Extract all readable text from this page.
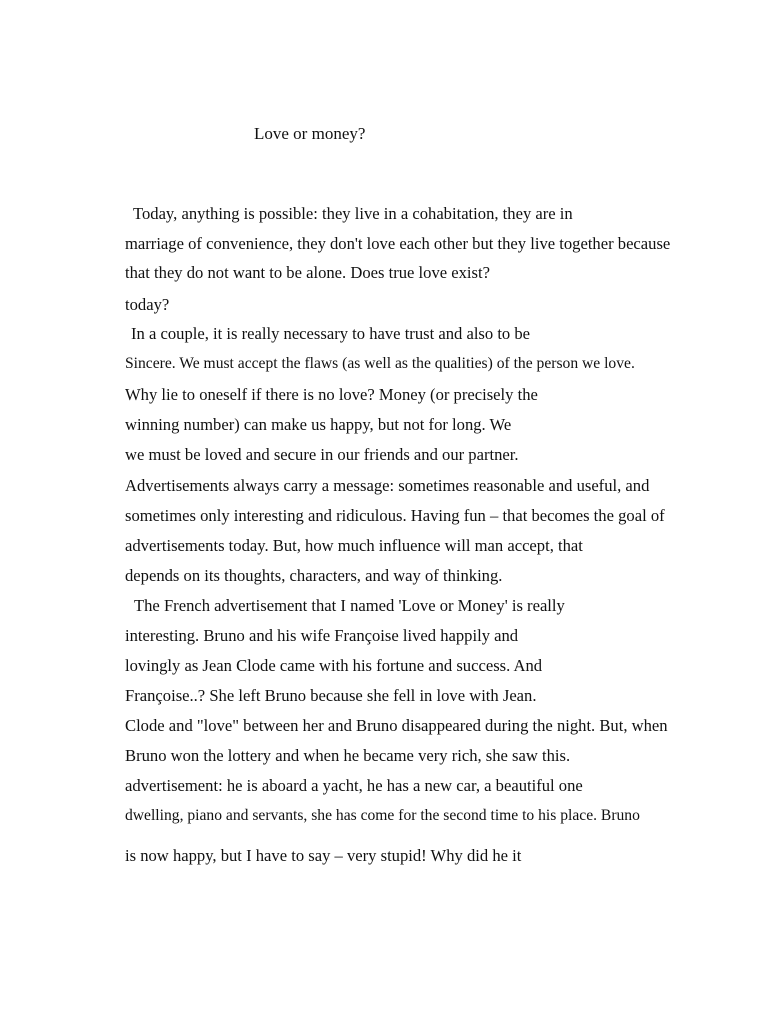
Love or money?
Today, anything is possible: they live in a cohabitation, they are in
marriage of convenience, they don't love each other but they live together because
that they do not want to be alone. Does true love exist?
today?
In a couple, it is really necessary to have trust and also to be
Sincere. We must accept the flaws (as well as the qualities) of the person we love.
Why lie to oneself if there is no love? Money (or precisely the
winning number) can make us happy, but not for long. We
we must be loved and secure in our friends and our partner.
Advertisements always carry a message: sometimes reasonable and useful, and
sometimes only interesting and ridiculous. Having fun – that becomes the goal of
advertisements today. But, how much influence will man accept, that
depends on its thoughts, characters, and way of thinking.
The French advertisement that I named 'Love or Money' is really
interesting. Bruno and his wife Françoise lived happily and
lovingly as Jean Clode came with his fortune and success. And
Françoise..? She left Bruno because she fell in love with Jean.
Clode and "love" between her and Bruno disappeared during the night. But, when
Bruno won the lottery and when he became very rich, she saw this.
advertisement: he is aboard a yacht, he has a new car, a beautiful one
dwelling, piano and servants, she has come for the second time to his place. Bruno
is now happy, but I have to say – very stupid! Why did he it
